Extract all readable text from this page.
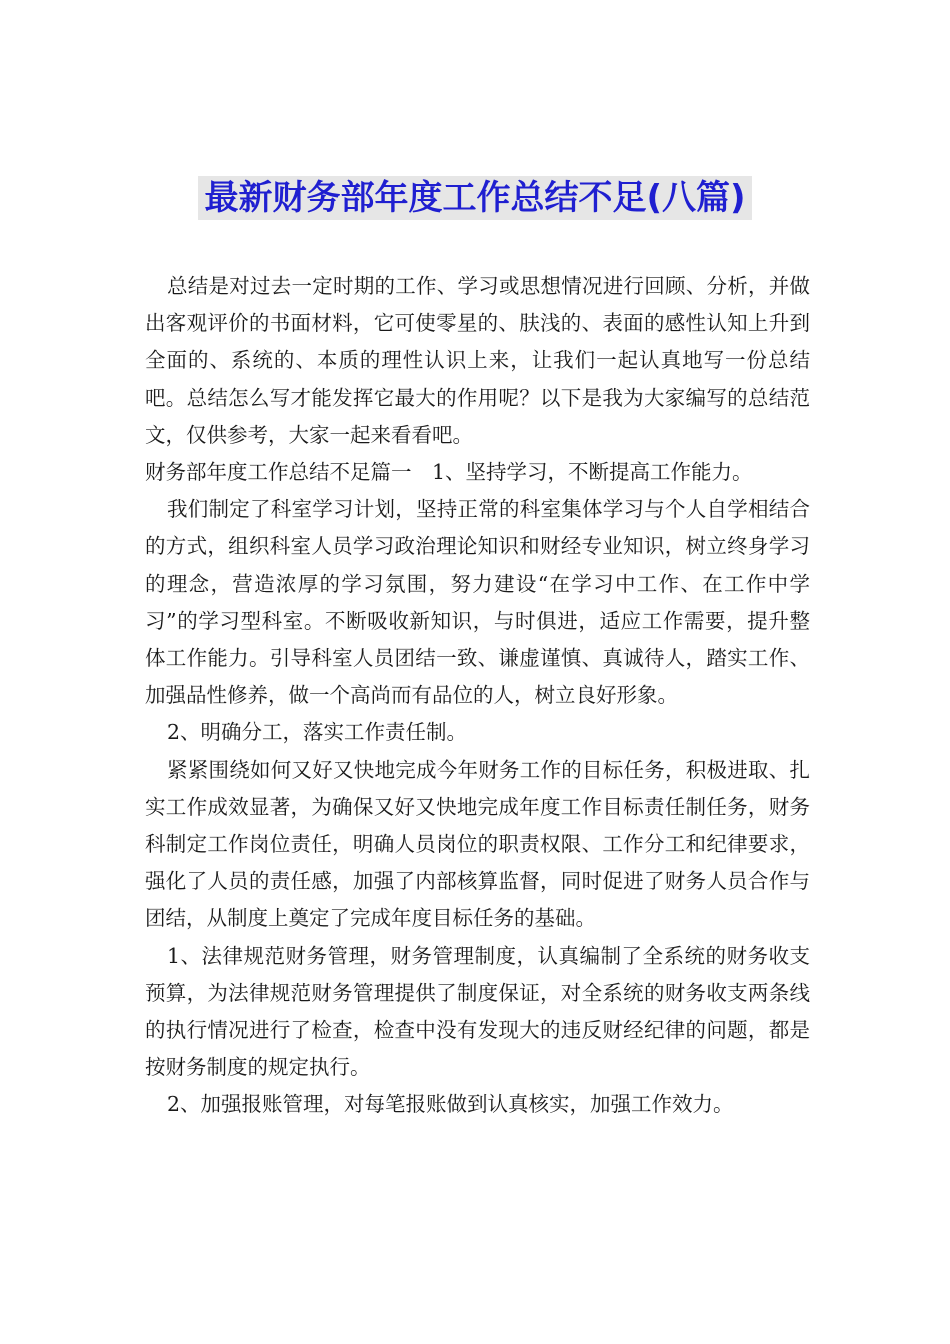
最新财务部年度工作总结不足(八篇)

总结是对过去一定时期的工作、学习或思想情况进行回顾、分析，并做出客观评价的书面材料，它可使零星的、肤浅的、表面的感性认知上升到全面的、系统的、本质的理性认识上来，让我们一起认真地写一份总结吧。总结怎么写才能发挥它最大的作用呢？以下是我为大家编写的总结范文，仅供参考，大家一起来看看吧。

财务部年度工作总结不足篇一　1、坚持学习，不断提高工作能力。

我们制定了科室学习计划，坚持正常的科室集体学习与个人自学相结合的方式，组织科室人员学习政治理论知识和财经专业知识，树立终身学习的理念，营造浓厚的学习氛围，努力建设“在学习中工作、在工作中学习”的学习型科室。不断吸收新知识，与时俱进，适应工作需要，提升整体工作能力。引导科室人员团结一致、谦虚谨慎、真诚待人，踏实工作、加强品性修养，做一个高尚而有品位的人，树立良好形象。

2、明确分工，落实工作责任制。

紧紧围绕如何又好又快地完成今年财务工作的目标任务，积极进取、扎实工作成效显著，为确保又好又快地完成年度工作目标责任制任务，财务科制定工作岗位责任，明确人员岗位的职责权限、工作分工和纪律要求，强化了人员的责任感，加强了内部核算监督，同时促进了财务人员合作与团结，从制度上奠定了完成年度目标任务的基础。

1、法律规范财务管理，财务管理制度，认真编制了全系统的财务收支预算，为法律规范财务管理提供了制度保证，对全系统的财务收支两条线的执行情况进行了检查，检查中没有发现大的违反财经纪律的问题，都是按财务制度的规定执行。

2、加强报账管理，对每笔报账做到认真核实，加强工作效力。
